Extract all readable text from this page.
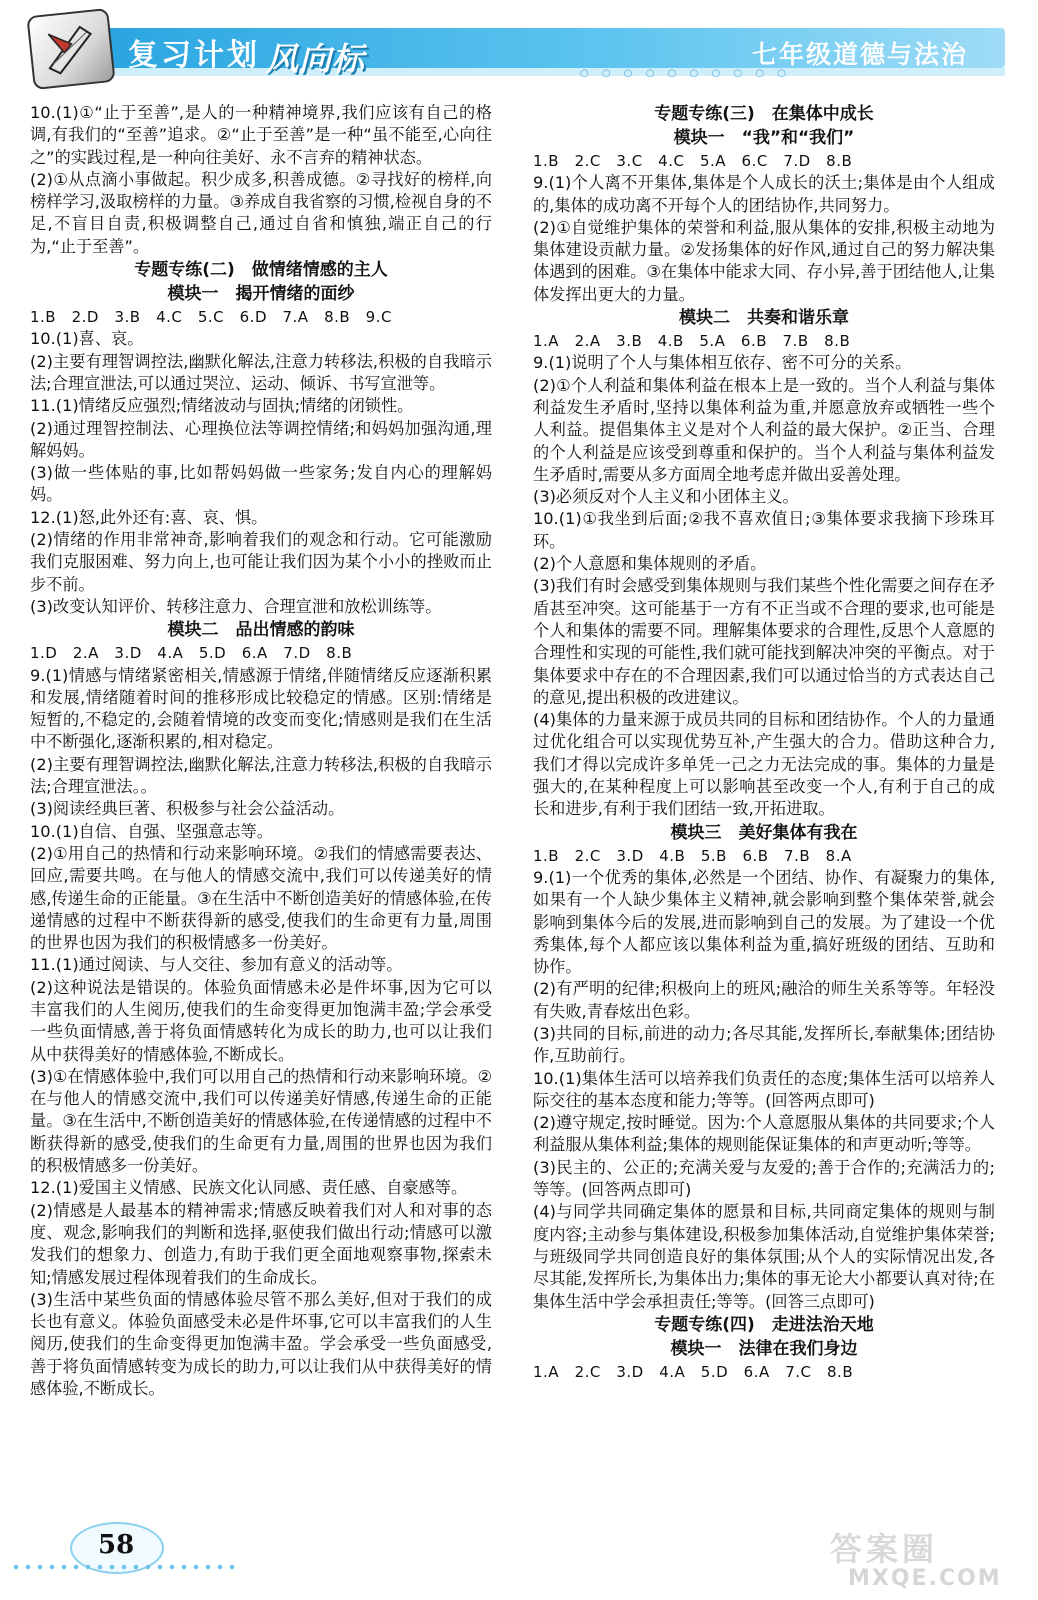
复习计划 风向标	○ ○ ○ ○ ○ ○ ○ ○ ○ ○
七年级道德与法治

10.(1)①“止于至善”,是人的一种精神境界,我们应该有自己的格调,有我们的“至善”追求。②“止于至善”是一种“虽不能至,心向往之”的实践过程,是一种向往美好、永不言弃的精神状态。

(2)①从点滴小事做起。积少成多,积善成德。②寻找好的榜样,向榜样学习,汲取榜样的力量。③养成自我省察的习惯,检视自身的不足,不盲目自责,积极调整自己,通过自省和慎独,端正自己的行为,“止于至善”。

专题专练(二)　做情绪情感的主人

模块一　揭开情绪的面纱

1.B　2.D　3.B　4.C　5.C　6.D　7.A　8.B　9.C

10.(1)喜、哀。

(2)主要有理智调控法,幽默化解法,注意力转移法,积极的自我暗示法;合理宣泄法,可以通过哭泣、运动、倾诉、书写宣泄等。

11.(1)情绪反应强烈;情绪波动与固执;情绪的闭锁性。

(2)通过理智控制法、心理换位法等调控情绪;和妈妈加强沟通,理解妈妈。

(3)做一些体贴的事,比如帮妈妈做一些家务;发自内心的理解妈妈。

12.(1)怒,此外还有:喜、哀、惧。

(2)情绪的作用非常神奇,影响着我们的观念和行动。它可能激励我们克服困难、努力向上,也可能让我们因为某个小小的挫败而止步不前。

(3)改变认知评价、转移注意力、合理宣泄和放松训练等。

模块二　品出情感的韵味

1.D　2.A　3.D　4.A　5.D　6.A　7.D　8.B

9.(1)情感与情绪紧密相关,情感源于情绪,伴随情绪反应逐渐积累和发展,情绪随着时间的推移形成比较稳定的情感。区别:情绪是短暂的,不稳定的,会随着情境的改变而变化;情感则是我们在生活中不断强化,逐渐积累的,相对稳定。

(2)主要有理智调控法,幽默化解法,注意力转移法,积极的自我暗示法;合理宣泄法。。

(3)阅读经典巨著、积极参与社会公益活动。

10.(1)自信、自强、坚强意志等。

(2)①用自己的热情和行动来影响环境。②我们的情感需要表达、回应,需要共鸣。在与他人的情感交流中,我们可以传递美好的情感,传递生命的正能量。③在生活中不断创造美好的情感体验,在传递情感的过程中不断获得新的感受,使我们的生命更有力量,周围的世界也因为我们的积极情感多一份美好。

11.(1)通过阅读、与人交往、参加有意义的活动等。

(2)这种说法是错误的。体验负面情感未必是件坏事,因为它可以丰富我们的人生阅历,使我们的生命变得更加饱满丰盈;学会承受一些负面情感,善于将负面情感转化为成长的助力,也可以让我们从中获得美好的情感体验,不断成长。

(3)①在情感体验中,我们可以用自己的热情和行动来影响环境。②在与他人的情感交流中,我们可以传递美好情感,传递生命的正能量。③在生活中,不断创造美好的情感体验,在传递情感的过程中不断获得新的感受,使我们的生命更有力量,周围的世界也因为我们的积极情感多一份美好。

12.(1)爱国主义情感、民族文化认同感、责任感、自豪感等。

(2)情感是人最基本的精神需求;情感反映着我们对人和对事的态度、观念,影响我们的判断和选择,驱使我们做出行动;情感可以激发我们的想象力、创造力,有助于我们更全面地观察事物,探索未知;情感发展过程体现着我们的生命成长。

(3)生活中某些负面的情感体验尽管不那么美好,但对于我们的成长也有意义。体验负面感受未必是件坏事,它可以丰富我们的人生阅历,使我们的生命变得更加饱满丰盈。学会承受一些负面感受,善于将负面情感转变为成长的助力,可以让我们从中获得美好的情感体验,不断成长。

专题专练(三)　在集体中成长

模块一　“我”和“我们”

1.B　2.C　3.C　4.C　5.A　6.C　7.D　8.B

9.(1)个人离不开集体,集体是个人成长的沃土;集体是由个人组成的,集体的成功离不开每个人的团结协作,共同努力。

(2)①自觉维护集体的荣誉和利益,服从集体的安排,积极主动地为集体建设贡献力量。②发扬集体的好作风,通过自己的努力解决集体遇到的困难。③在集体中能求大同、存小异,善于团结他人,让集体发挥出更大的力量。

模块二　共奏和谐乐章

1.A　2.A　3.B　4.B　5.A　6.B　7.B　8.B

9.(1)说明了个人与集体相互依存、密不可分的关系。

(2)①个人利益和集体利益在根本上是一致的。当个人利益与集体利益发生矛盾时,坚持以集体利益为重,并愿意放弃或牺牲一些个人利益。提倡集体主义是对个人利益的最大保护。②正当、合理的个人利益是应该受到尊重和保护的。当个人利益与集体利益发生矛盾时,需要从多方面周全地考虑并做出妥善处理。

(3)必须反对个人主义和小团体主义。

10.(1)①我坐到后面;②我不喜欢值日;③集体要求我摘下珍珠耳环。

(2)个人意愿和集体规则的矛盾。

(3)我们有时会感受到集体规则与我们某些个性化需要之间存在矛盾甚至冲突。这可能基于一方有不正当或不合理的要求,也可能是个人和集体的需要不同。理解集体要求的合理性,反思个人意愿的合理性和实现的可能性,我们就可能找到解决冲突的平衡点。对于集体要求中存在的不合理因素,我们可以通过恰当的方式表达自己的意见,提出积极的改进建议。

(4)集体的力量来源于成员共同的目标和团结协作。个人的力量通过优化组合可以实现优势互补,产生强大的合力。借助这种合力,我们才得以完成许多单凭一己之力无法完成的事。集体的力量是强大的,在某种程度上可以影响甚至改变一个人,有利于自己的成长和进步,有利于我们团结一致,开拓进取。

模块三　美好集体有我在

1.B　2.C　3.D　4.B　5.B　6.B　7.B　8.A

9.(1)一个优秀的集体,必然是一个团结、协作、有凝聚力的集体,如果有一个人缺少集体主义精神,就会影响到整个集体荣誉,就会影响到集体今后的发展,进而影响到自己的发展。为了建设一个优秀集体,每个人都应该以集体利益为重,搞好班级的团结、互助和协作。

(2)有严明的纪律;积极向上的班风;融洽的师生关系等等。年轻没有失败,青春炫出色彩。

(3)共同的目标,前进的动力;各尽其能,发挥所长,奉献集体;团结协作,互助前行。

10.(1)集体生活可以培养我们负责任的态度;集体生活可以培养人际交往的基本态度和能力;等等。(回答两点即可)

(2)遵守规定,按时睡觉。因为:个人意愿服从集体的共同要求;个人利益服从集体利益;集体的规则能保证集体的和声更动听;等等。

(3)民主的、公正的;充满关爱与友爱的;善于合作的;充满活力的;等等。(回答两点即可)

(4)与同学共同确定集体的愿景和目标,共同商定集体的规则与制度内容;主动参与集体建设,积极参加集体活动,自觉维护集体荣誉;与班级同学共同创造良好的集体氛围;从个人的实际情况出发,各尽其能,发挥所长,为集体出力;集体的事无论大小都要认真对待;在集体生活中学会承担责任;等等。(回答三点即可)

专题专练(四)　走进法治天地

模块一　法律在我们身边

1.A　2.C　3.D　4.A　5.D　6.A　7.C　8.B

58	答案圈
MXQE.COM
